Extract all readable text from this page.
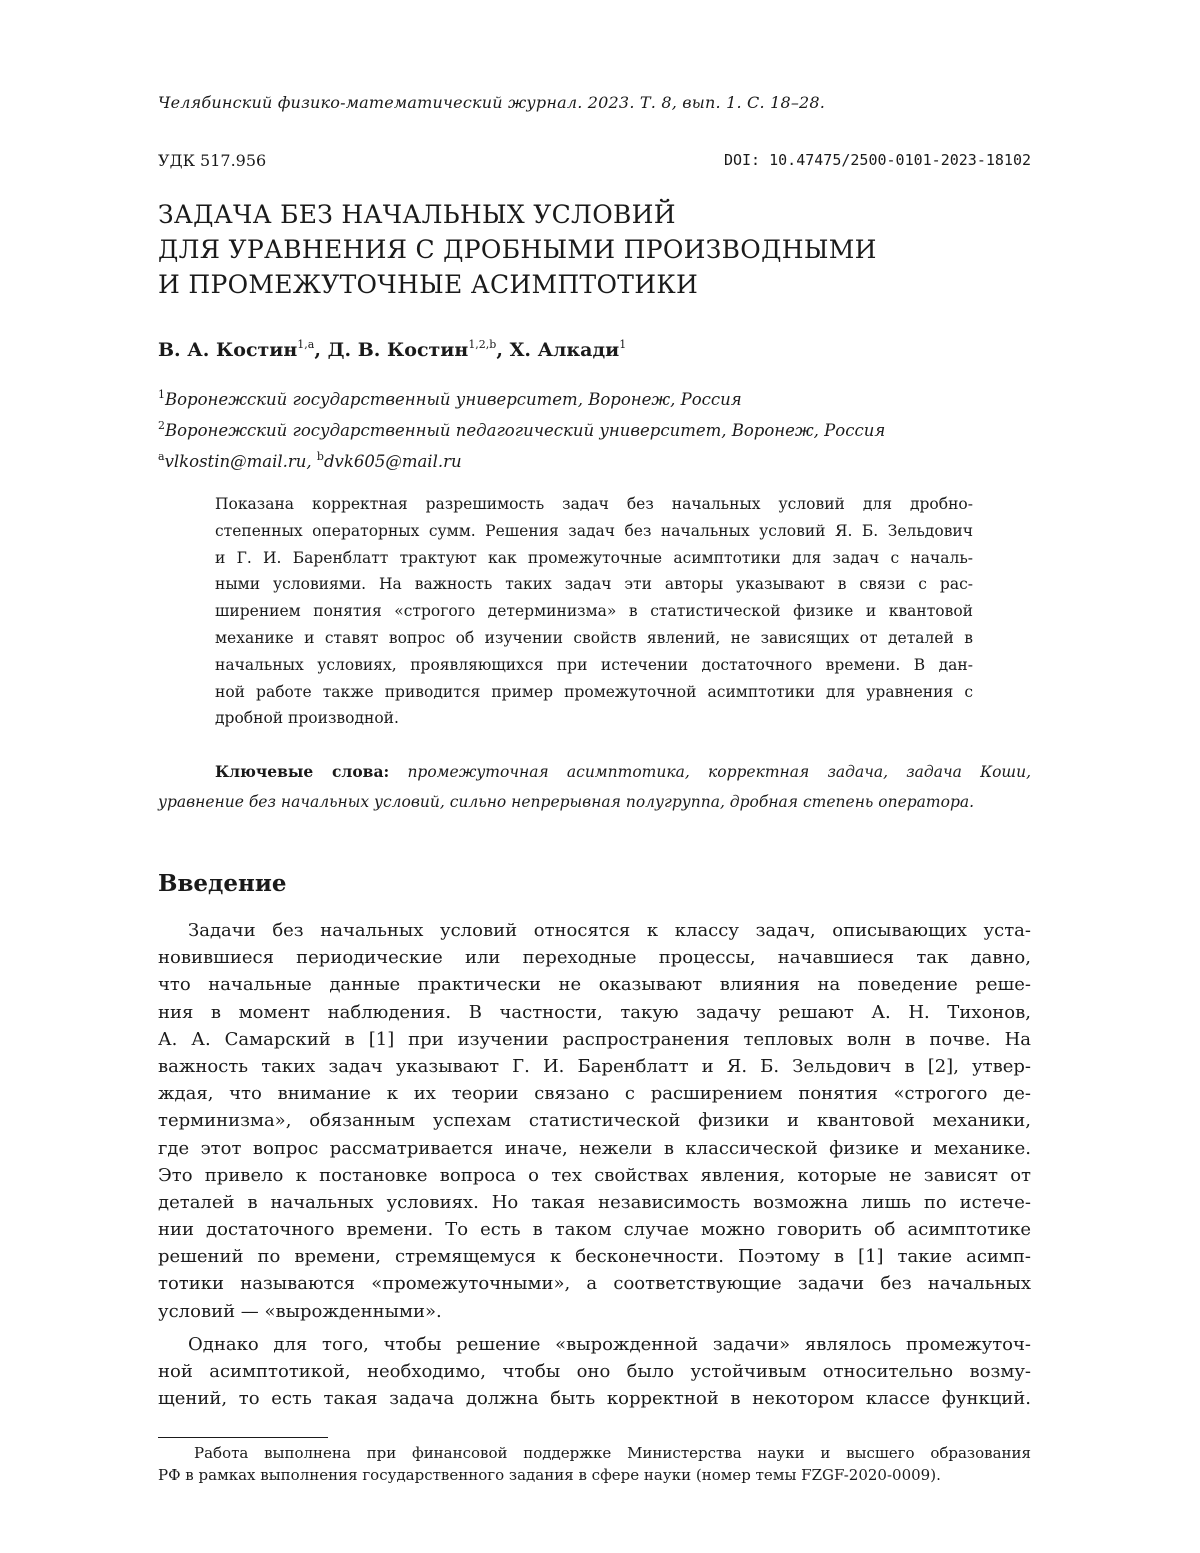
Челябинский физико-математический журнал. 2023. Т. 8, вып. 1. С. 18–28.
УДК 517.956	DOI: 10.47475/2500-0101-2023-18102
ЗАДАЧА БЕЗ НАЧАЛЬНЫХ УСЛОВИЙ
ДЛЯ УРАВНЕНИЯ С ДРОБНЫМИ ПРОИЗВОДНЫМИ
И ПРОМЕЖУТОЧНЫЕ АСИМПТОТИКИ
В. А. Костин$^{1,a}$, Д. В. Костин$^{1,2,b}$, Х. Алкади$^1$
$^1$Воронежский государственный университет, Воронеж, Россия
$^2$Воронежский государственный педагогический университет, Воронеж, Россия
$^a$vlkostin@mail.ru, $^b$dvk605@mail.ru
Показана корректная разрешимость задач без начальных условий для дробно-
степенных операторных сумм. Решения задач без начальных условий Я. Б. Зельдович
и Г. И. Баренблатт трактуют как промежуточные асимптотики для задач с началь-
ными условиями. На важность таких задач эти авторы указывают в связи с рас-
ширением понятия «строгого детерминизма» в статистической физике и квантовой
механике и ставят вопрос об изучении свойств явлений, не зависящих от деталей в
начальных условиях, проявляющихся при истечении достаточного времени. В дан-
ной работе также приводится пример промежуточной асимптотики для уравнения с
дробной производной.
Ключевые слова: промежуточная асимптотика, корректная задача, задача Коши,
уравнение без начальных условий, сильно непрерывная полугруппа, дробная степень оператора.
Введение
Задачи без начальных условий относятся к классу задач, описывающих уста-
новившиеся периодические или переходные процессы, начавшиеся так давно,
что начальные данные практически не оказывают влияния на поведение реше-
ния в момент наблюдения. В частности, такую задачу решают А. Н. Тихонов,
А. А. Самарский в [1] при изучении распространения тепловых волн в почве. На
важность таких задач указывают Г. И. Баренблатт и Я. Б. Зельдович в [2], утвер-
ждая, что внимание к их теории связано с расширением понятия «строгого де-
терминизма», обязанным успехам статистической физики и квантовой механики,
где этот вопрос рассматривается иначе, нежели в классической физике и механике.
Это привело к постановке вопроса о тех свойствах явления, которые не зависят от
деталей в начальных условиях. Но такая независимость возможна лишь по истече-
нии достаточного времени. То есть в таком случае можно говорить об асимптотике
решений по времени, стремящемуся к бесконечности. Поэтому в [1] такие асимп-
тотики называются «промежуточными», а соответствующие задачи без начальных
условий — «вырожденными».
Однако для того, чтобы решение «вырожденной задачи» являлось промежуточ-
ной асимптотикой, необходимо, чтобы оно было устойчивым относительно возму-
щений, то есть такая задача должна быть корректной в некотором классе функций.
Работа выполнена при финансовой поддержке Министерства науки и высшего образования
РФ в рамках выполнения государственного задания в сфере науки (номер темы FZGF-2020-0009).
